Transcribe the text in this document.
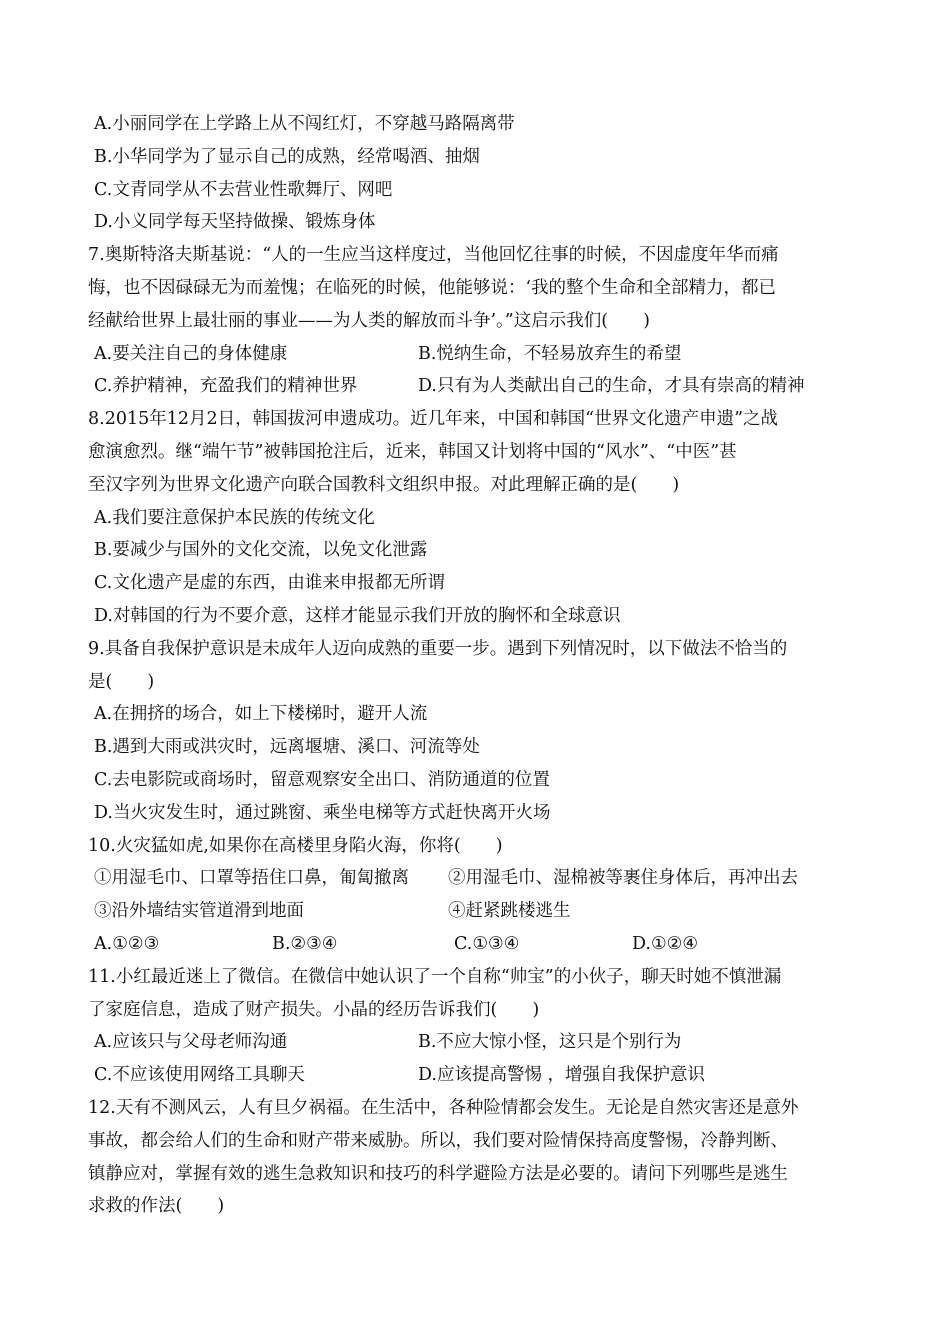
A.小丽同学在上学路上从不闯红灯，不穿越马路隔离带
B.小华同学为了显示自己的成熟，经常喝酒、抽烟
C.文青同学从不去营业性歌舞厅、网吧
D.小义同学每天坚持做操、锻炼身体
7.奥斯特洛夫斯基说：“人的一生应当这样度过，当他回忆往事的时候，不因虚度年华而痛
悔，也不因碌碌无为而羞愧；在临死的时候，他能够说：‘我的整个生命和全部精力，都已
经献给世界上最壮丽的事业——为人类的解放而斗争’。”这启示我们(　　)
A.要关注自己的身体健康	B.悦纳生命，不轻易放弃生的希望
C.养护精神，充盈我们的精神世界	D.只有为人类献出自己的生命，才具有崇高的精神
8.2015年12月2日，韩国拔河申遗成功。近几年来，中国和韩国“世界文化遗产申遗”之战
愈演愈烈。继“端午节”被韩国抢注后，近来，韩国又计划将中国的“风水”、“中医”甚
至汉字列为世界文化遗产向联合国教科文组织申报。对此理解正确的是(　　)
A.我们要注意保护本民族的传统文化
B.要减少与国外的文化交流，以免文化泄露
C.文化遗产是虚的东西，由谁来申报都无所谓
D.对韩国的行为不要介意，这样才能显示我们开放的胸怀和全球意识
9.具备自我保护意识是未成年人迈向成熟的重要一步。遇到下列情况时，以下做法不恰当的
是(　　)
A.在拥挤的场合，如上下楼梯时，避开人流
B.遇到大雨或洪灾时，远离堰塘、溪口、河流等处
C.去电影院或商场时，留意观察安全出口、消防通道的位置
D.当火灾发生时，通过跳窗、乘坐电梯等方式赶快离开火场
10.火灾猛如虎,如果你在高楼里身陷火海，你将(　　)
①用湿毛巾、口罩等捂住口鼻，匍匐撤离	②用湿毛巾、湿棉被等裹住身体后，再冲出去
③沿外墙结实管道滑到地面	④赶紧跳楼逃生
A.①②③	B.②③④	C.①③④	D.①②④
11.小红最近迷上了微信。在微信中她认识了一个自称“帅宝”的小伙子，聊天时她不慎泄漏
了家庭信息，造成了财产损失。小晶的经历告诉我们(　　)
A.应该只与父母老师沟通	B.不应大惊小怪，这只是个别行为
C.不应该使用网络工具聊天	D.应该提高警惕 ，增强自我保护意识
12.天有不测风云，人有旦夕祸福。在生活中，各种险情都会发生。无论是自然灾害还是意外
事故，都会给人们的生命和财产带来威胁。所以，我们要对险情保持高度警惕，冷静判断、
镇静应对，掌握有效的逃生急救知识和技巧的科学避险方法是必要的。请问下列哪些是逃生
求救的作法(　　)
